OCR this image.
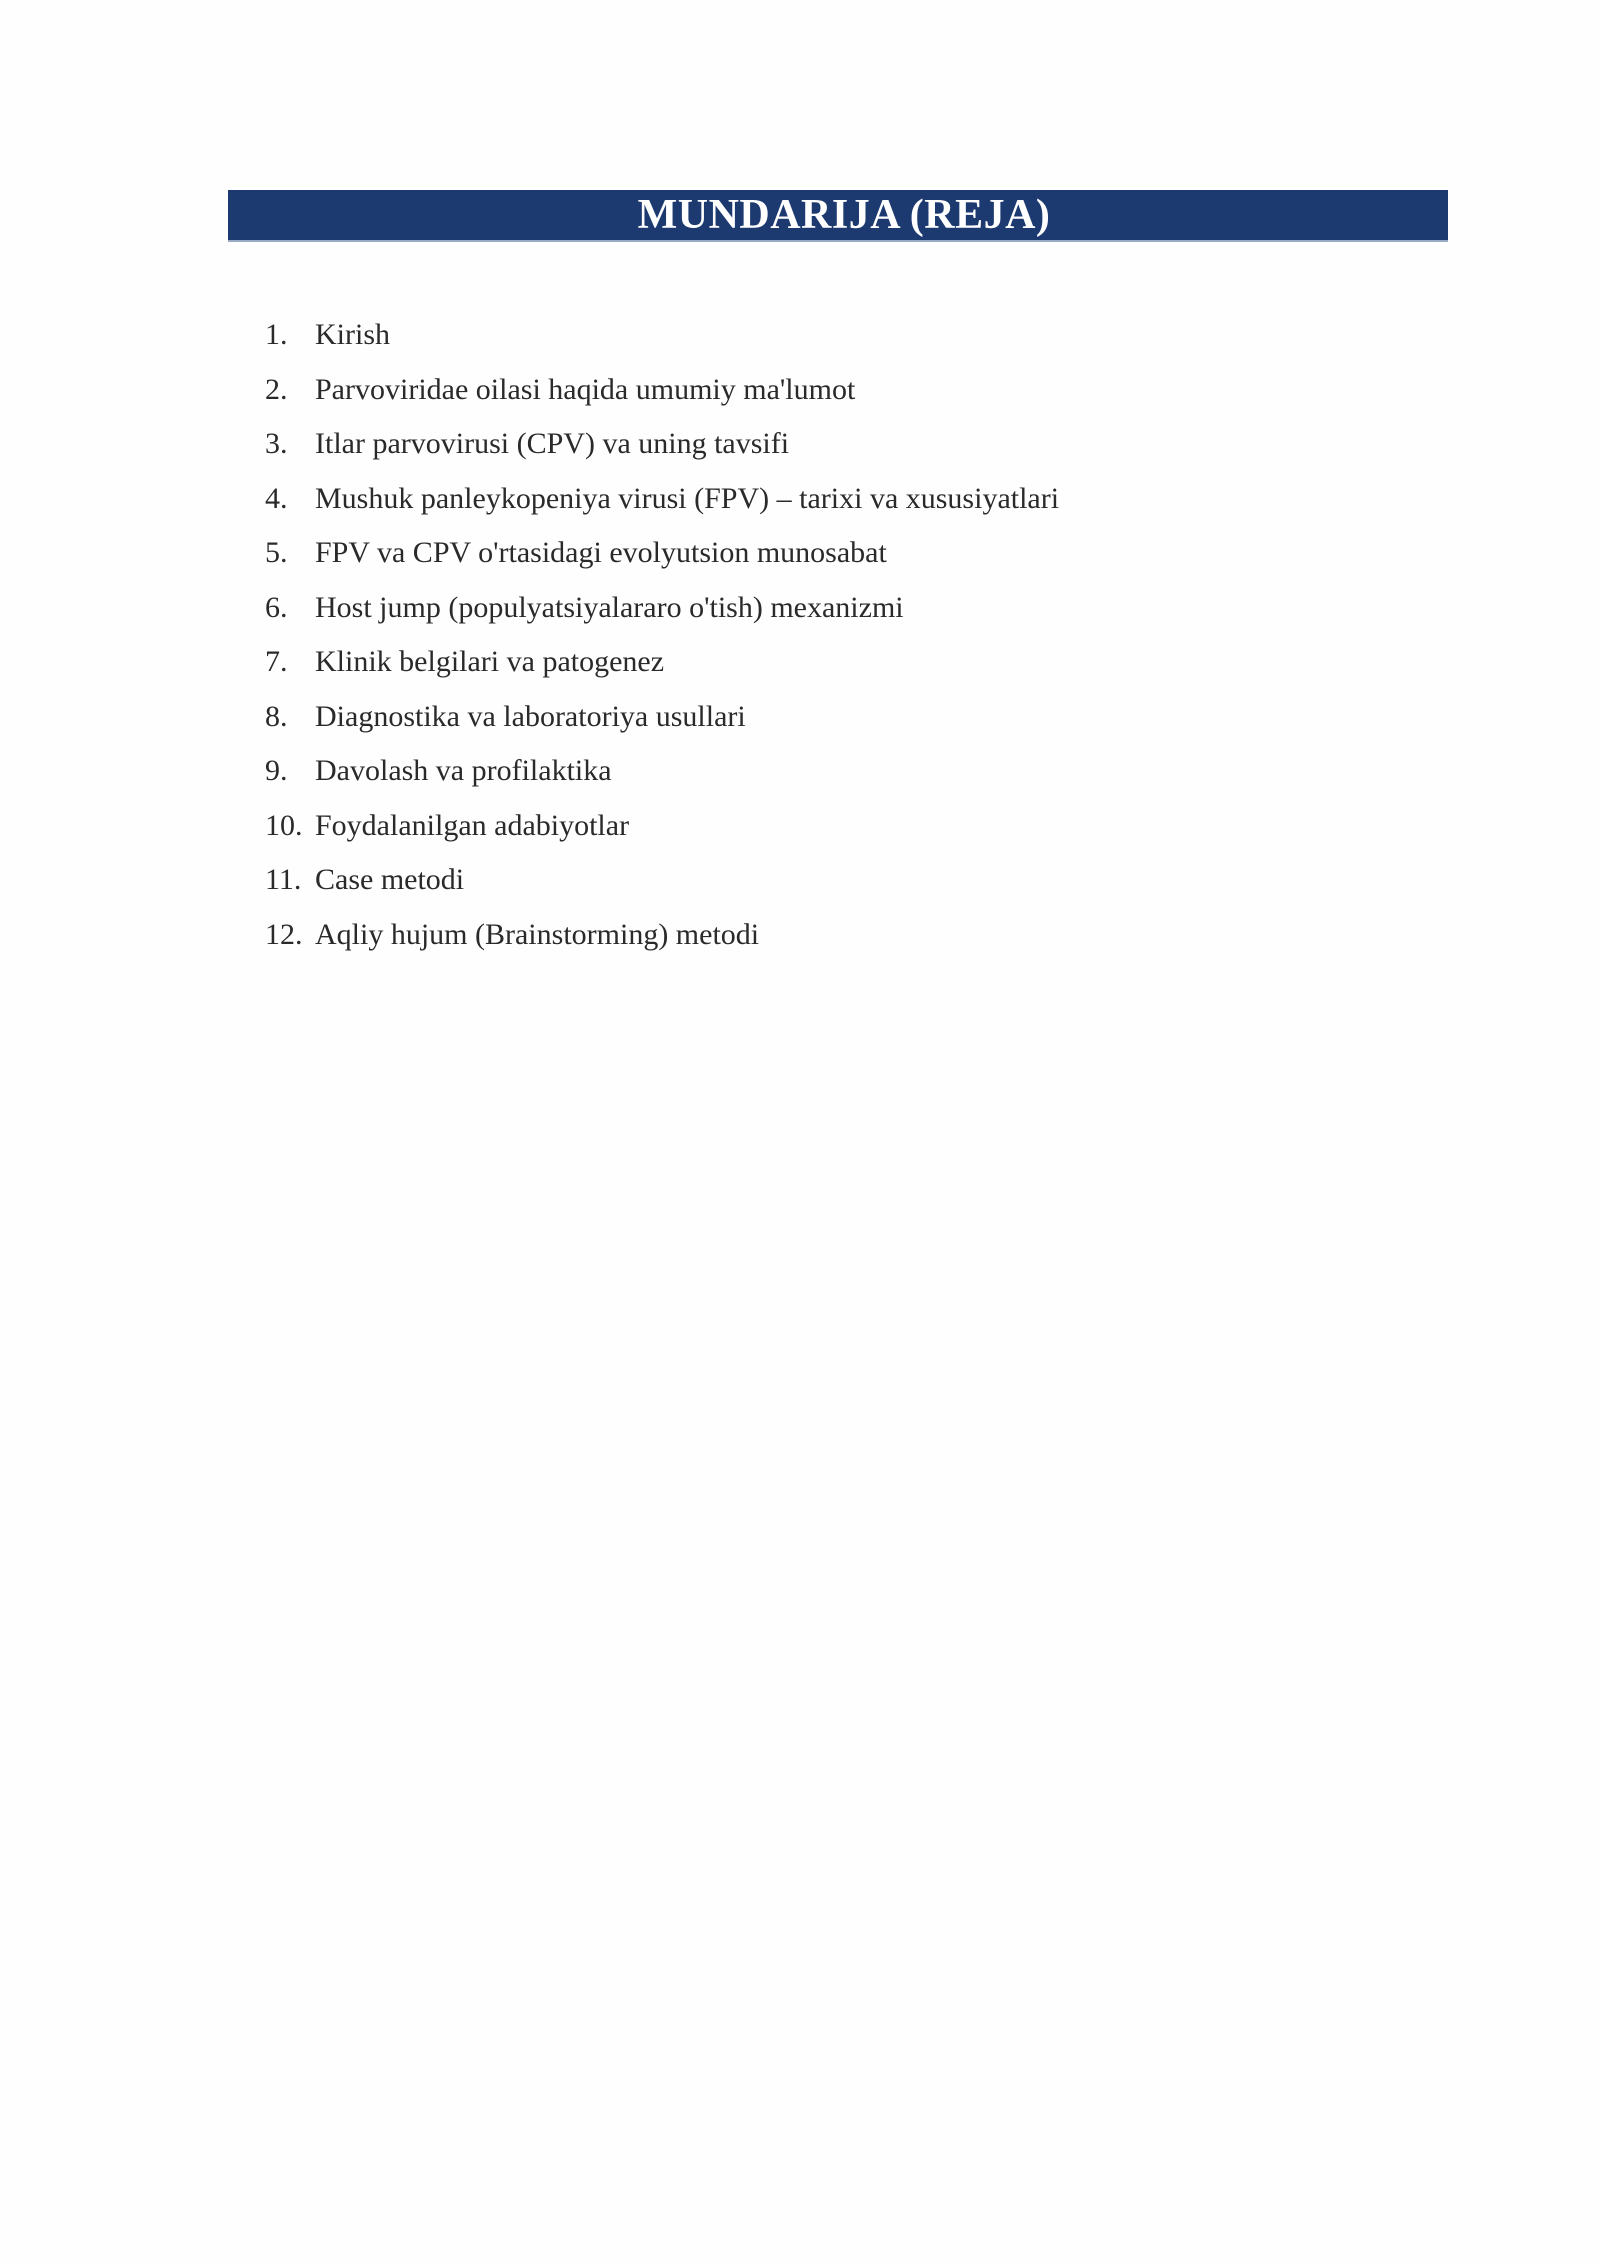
MUNDARIJA (REJA)
1. Kirish
2. Parvoviridae oilasi haqida umumiy ma'lumot
3. Itlar parvovirusi (CPV) va uning tavsifi
4. Mushuk panleykopeniya virusi (FPV) – tarixi va xususiyatlari
5. FPV va CPV o'rtasidagi evolyutsion munosabat
6. Host jump (populyatsiyalararo o'tish) mexanizmi
7. Klinik belgilari va patogenez
8. Diagnostika va laboratoriya usullari
9. Davolash va profilaktika
10. Foydalanilgan adabiyotlar
11. Case metodi
12. Aqliy hujum (Brainstorming) metodi
